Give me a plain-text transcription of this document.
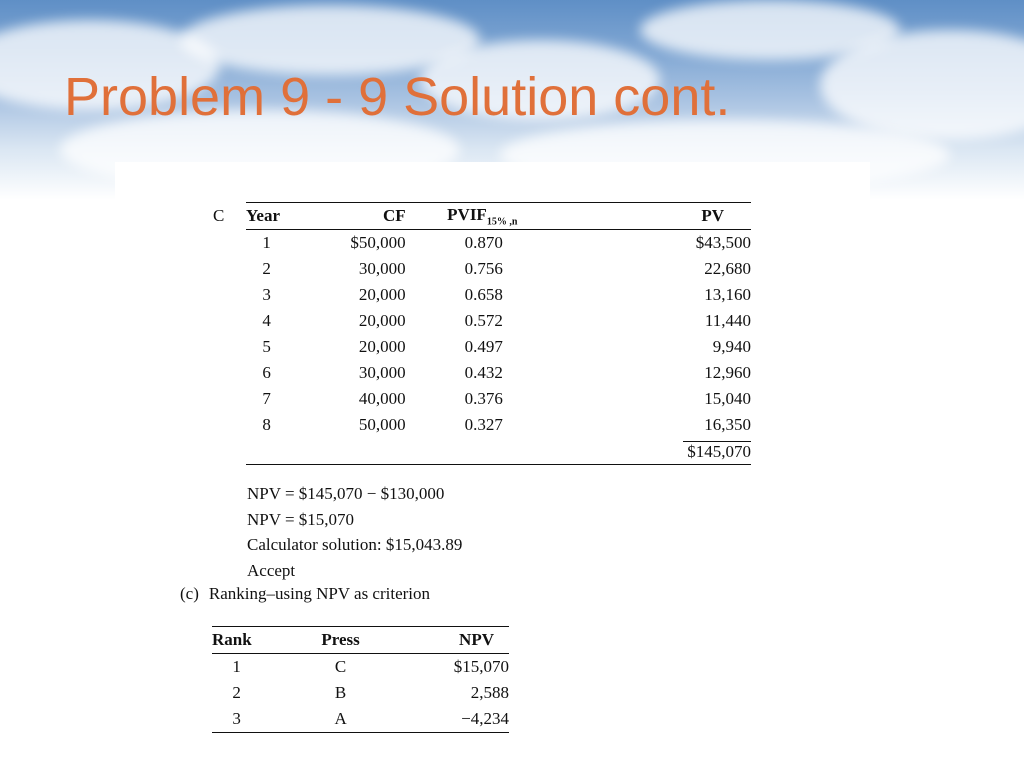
Problem 9 - 9 Solution cont.
C Year	CF	$PVIF_{15\% ,n}$	PV
1	$50,000	0.870	$43,500
2	30,000	0.756	22,680
3	20,000	0.658	13,160
4	20,000	0.572	11,440
5	20,000	0.497	9,940
6	30,000	0.432	12,960
7	40,000	0.376	15,040
8	50,000	0.327	16,350
			$145,070
NPV = $145,070 − $130,000
NPV = $15,070
Calculator solution: $15,043.89
Accept
(c) Ranking–using NPV as criterion
Rank	Press	NPV
1	C	$15,070
2	B	2,588
3	A	−4,234
